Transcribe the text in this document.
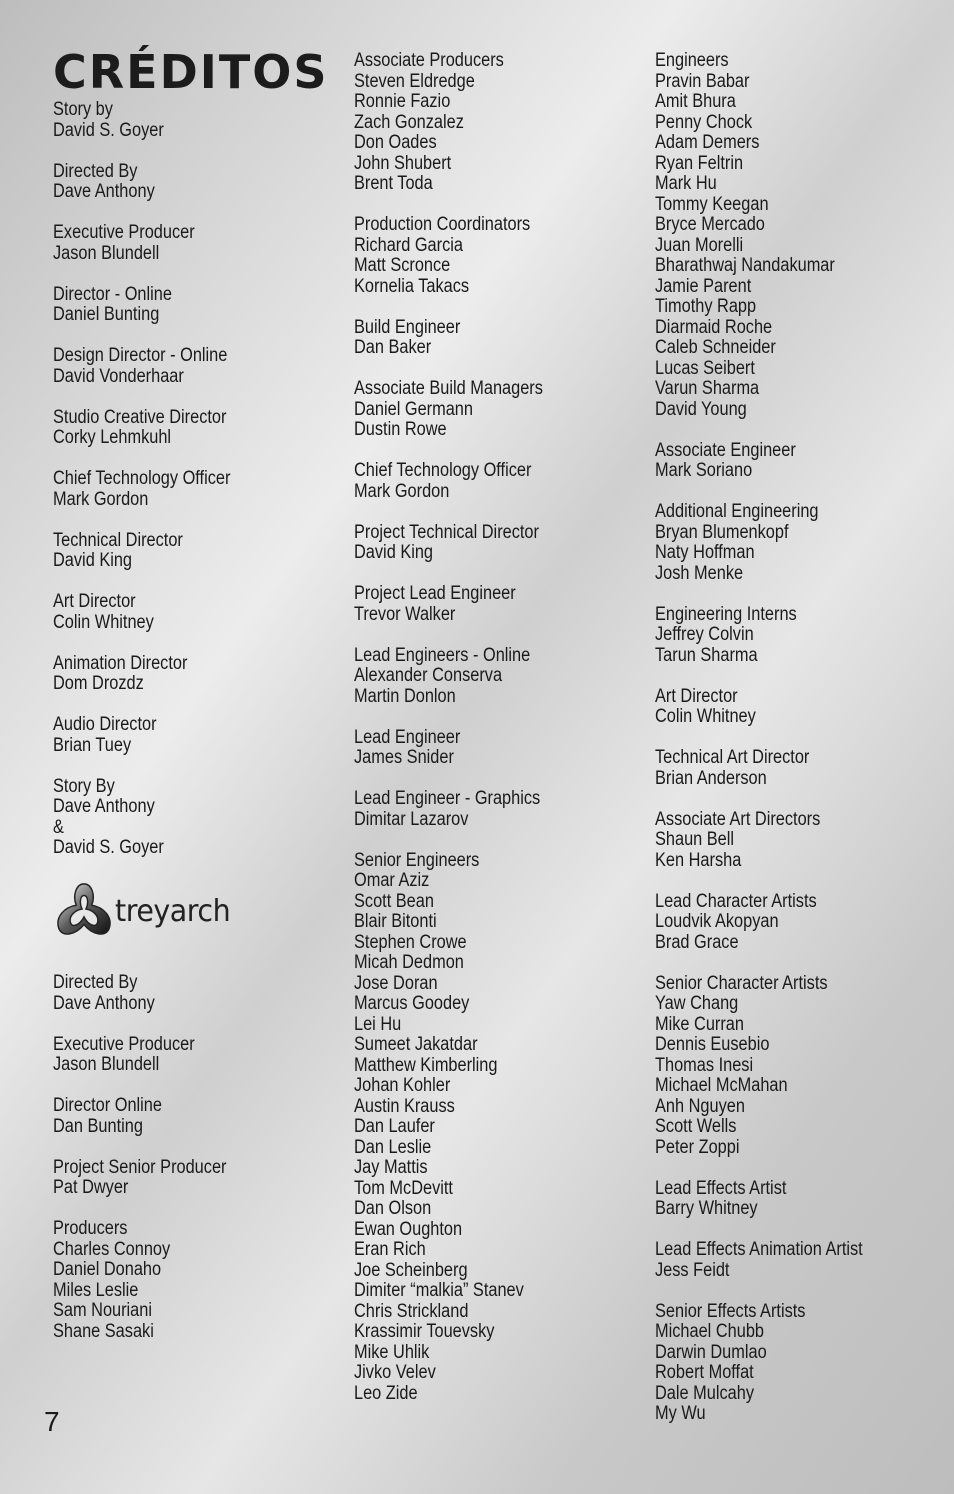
CRÉDITOS
Story by
David S. Goyer
Directed By
Dave Anthony
Executive Producer
Jason Blundell
Director - Online
Daniel Bunting
Design Director - Online
David Vonderhaar
Studio Creative Director
Corky Lehmkuhl
Chief Technology Officer
Mark Gordon
Technical Director
David King
Art Director
Colin Whitney
Animation Director
Dom Drozdz
Audio Director
Brian Tuey
Story By
Dave Anthony
&
David S. Goyer
treyarch
Directed By
Dave Anthony
Executive Producer
Jason Blundell
Director Online
Dan Bunting
Project Senior Producer
Pat Dwyer
Producers
Charles Connoy
Daniel Donaho
Miles Leslie
Sam Nouriani
Shane Sasaki
Associate Producers
Steven Eldredge
Ronnie Fazio
Zach Gonzalez
Don Oades
John Shubert
Brent Toda
Production Coordinators
Richard Garcia
Matt Scronce
Kornelia Takacs
Build Engineer
Dan Baker
Associate Build Managers
Daniel Germann
Dustin Rowe
Chief Technology Officer
Mark Gordon
Project Technical Director
David King
Project Lead Engineer
Trevor Walker
Lead Engineers - Online
Alexander Conserva
Martin Donlon
Lead Engineer
James Snider
Lead Engineer - Graphics
Dimitar Lazarov
Senior Engineers
Omar Aziz
Scott Bean
Blair Bitonti
Stephen Crowe
Micah Dedmon
Jose Doran
Marcus Goodey
Lei Hu
Sumeet Jakatdar
Matthew Kimberling
Johan Kohler
Austin Krauss
Dan Laufer
Dan Leslie
Jay Mattis
Tom McDevitt
Dan Olson
Ewan Oughton
Eran Rich
Joe Scheinberg
Dimiter “malkia” Stanev
Chris Strickland
Krassimir Touevsky
Mike Uhlik
Jivko Velev
Leo Zide
Engineers
Pravin Babar
Amit Bhura
Penny Chock
Adam Demers
Ryan Feltrin
Mark Hu
Tommy Keegan
Bryce Mercado
Juan Morelli
Bharathwaj Nandakumar
Jamie Parent
Timothy Rapp
Diarmaid Roche
Caleb Schneider
Lucas Seibert
Varun Sharma
David Young
Associate Engineer
Mark Soriano
Additional Engineering
Bryan Blumenkopf
Naty Hoffman
Josh Menke
Engineering Interns
Jeffrey Colvin
Tarun Sharma
Art Director
Colin Whitney
Technical Art Director
Brian Anderson
Associate Art Directors
Shaun Bell
Ken Harsha
Lead Character Artists
Loudvik Akopyan
Brad Grace
Senior Character Artists
Yaw Chang
Mike Curran
Dennis Eusebio
Thomas Inesi
Michael McMahan
Anh Nguyen
Scott Wells
Peter Zoppi
Lead Effects Artist
Barry Whitney
Lead Effects Animation Artist
Jess Feidt
Senior Effects Artists
Michael Chubb
Darwin Dumlao
Robert Moffat
Dale Mulcahy
My Wu
7
